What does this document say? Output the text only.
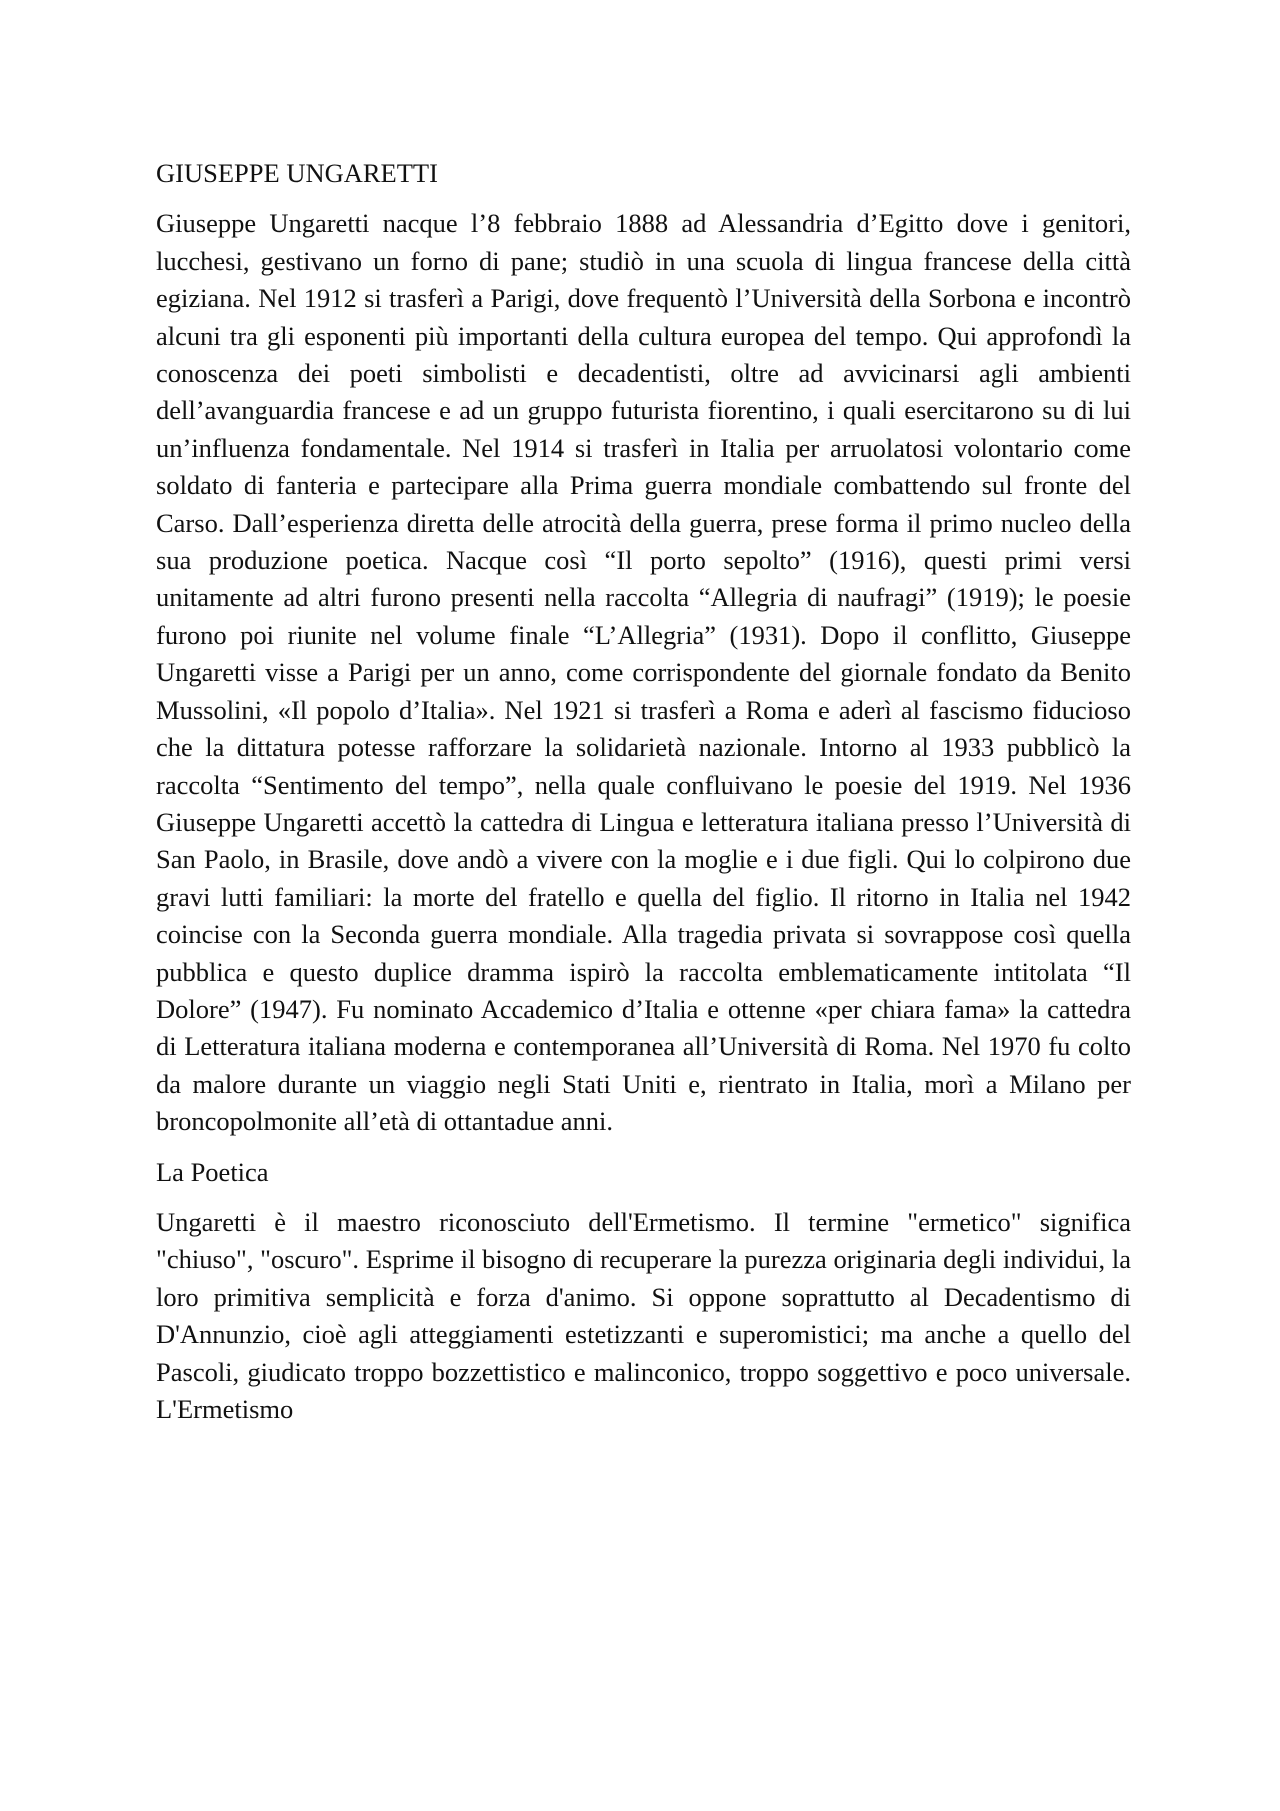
GIUSEPPE UNGARETTI

Giuseppe Ungaretti nacque l’8 febbraio 1888 ad Alessandria d’Egitto dove i genitori, lucchesi, gestivano un forno di pane; studiò in una scuola di lingua francese della città egiziana. Nel 1912 si trasferì a Parigi, dove frequentò l’Università della Sorbona e incontrò alcuni tra gli esponenti più importanti della cultura europea del tempo. Qui approfondì la conoscenza dei poeti simbolisti e decadentisti, oltre ad avvicinarsi agli ambienti dell’avanguardia francese e ad un gruppo futurista fiorentino, i quali esercitarono su di lui un’influenza fondamentale. Nel 1914 si trasferì in Italia per arruolatosi volontario come soldato di fanteria e partecipare alla Prima guerra mondiale combattendo sul fronte del Carso. Dall’esperienza diretta delle atrocità della guerra, prese forma il primo nucleo della sua produzione poetica. Nacque così “Il porto sepolto” (1916), questi primi versi unitamente ad altri furono presenti nella raccolta “Allegria di naufragi” (1919); le poesie furono poi riunite nel volume finale “L’Allegria” (1931). Dopo il conflitto, Giuseppe Ungaretti visse a Parigi per un anno, come corrispondente del giornale fondato da Benito Mussolini, «Il popolo d’Italia». Nel 1921 si trasferì a Roma e aderì al fascismo fiducioso che la dittatura potesse rafforzare la solidarietà nazionale. Intorno al 1933 pubblicò la raccolta “Sentimento del tempo”, nella quale confluivano le poesie del 1919. Nel 1936 Giuseppe Ungaretti accettò la cattedra di Lingua e letteratura italiana presso l’Università di San Paolo, in Brasile, dove andò a vivere con la moglie e i due figli. Qui lo colpirono due gravi lutti familiari: la morte del fratello e quella del figlio. Il ritorno in Italia nel 1942 coincise con la Seconda guerra mondiale. Alla tragedia privata si sovrappose così quella pubblica e questo duplice dramma ispirò la raccolta emblematicamente intitolata “Il Dolore” (1947). Fu nominato Accademico d’Italia e ottenne «per chiara fama» la cattedra di Letteratura italiana moderna e contemporanea all’Università di Roma. Nel 1970 fu colto da malore durante un viaggio negli Stati Uniti e, rientrato in Italia, morì a Milano per broncopolmonite all’età di ottantadue anni.

La Poetica

Ungaretti è il maestro riconosciuto dell'Ermetismo. Il termine "ermetico" significa "chiuso", "oscuro". Esprime il bisogno di recuperare la purezza originaria degli individui, la loro primitiva semplicità e forza d'animo. Si oppone soprattutto al Decadentismo di D'Annunzio, cioè agli atteggiamenti estetizzanti e superomistici; ma anche a quello del Pascoli, giudicato troppo bozzettistico e malinconico, troppo soggettivo e poco universale. L'Ermetismo
